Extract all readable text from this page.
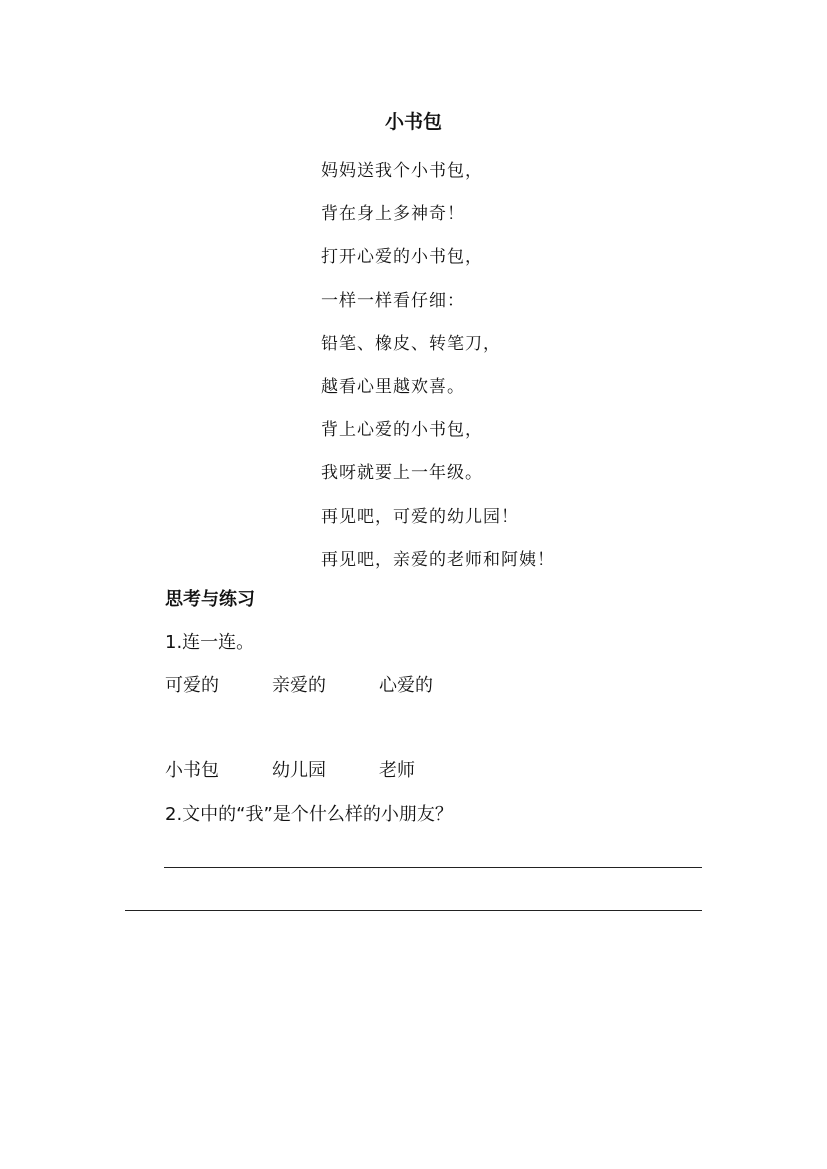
小书包
妈妈送我个小书包，
背在身上多神奇！
打开心爱的小书包，
一样一样看仔细：
铅笔、橡皮、转笔刀，
越看心里越欢喜。
背上心爱的小书包，
我呀就要上一年级。
再见吧，可爱的幼儿园！
再见吧，亲爱的老师和阿姨！
思考与练习
1.连一连。
可爱的	亲爱的	心爱的
小书包	幼儿园	老师
2.文中的“我”是个什么样的小朋友？
